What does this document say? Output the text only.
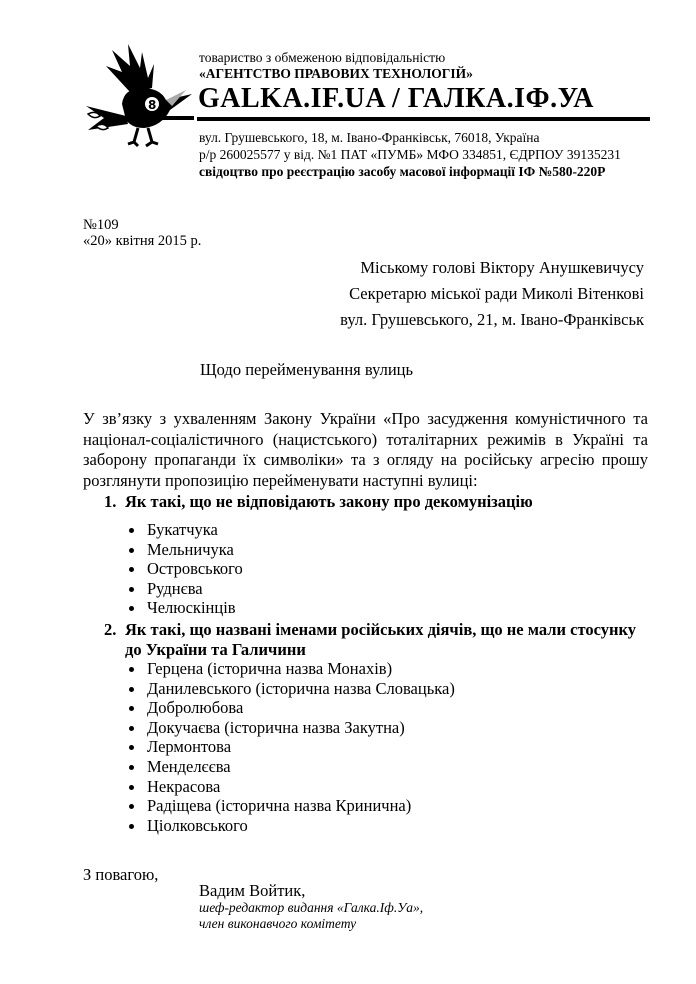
8
товариство з обмеженою відповідальністю
«АГЕНТСТВО ПРАВОВИХ ТЕХНОЛОГІЙ»
GALKA.IF.UA / ГАЛКА.ІФ.УА
вул. Грушевського, 18, м. Івано-Франківськ, 76018, Україна
р/р 260025577 у від. №1 ПАТ «ПУМБ» МФО 334851, ЄДРПОУ 39135231
свідоцтво про реєстрацію засобу масової інформації ІФ №580-220Р
№109
«20» квітня 2015 р.
Міському голові Віктору Анушкевичусу
Секретарю міської ради Миколі Вітенкові
вул. Грушевського, 21, м. Івано-Франківськ
Щодо перейменування вулиць
У зв’язку з ухваленням Закону України «Про засудження комуністичного та націонал-соціалістичного (нацистського) тоталітарних режимів в Україні та заборону пропаганди їх символіки» та з огляду на російську агресію прошу розглянути пропозицію перейменувати наступні вулиці:
1. Як такі, що не відповідають закону про декомунізацію
Букатчука
Мельничука
Островського
Руднєва
Челюскінців
2. Як такі, що названі іменами російських діячів, що не мали стосунку до України та Галичини
Герцена (історична назва Монахів)
Данилевського (історична назва Словацька)
Добролюбова
Докучаєва (історична назва Закутна)
Лермонтова
Менделєєва
Некрасова
Радіщева (історична назва Кринична)
Ціолковського
З повагою,
Вадим Войтик,
шеф-редактор видання «Галка.Іф.Уа»,
член виконавчого комітету
